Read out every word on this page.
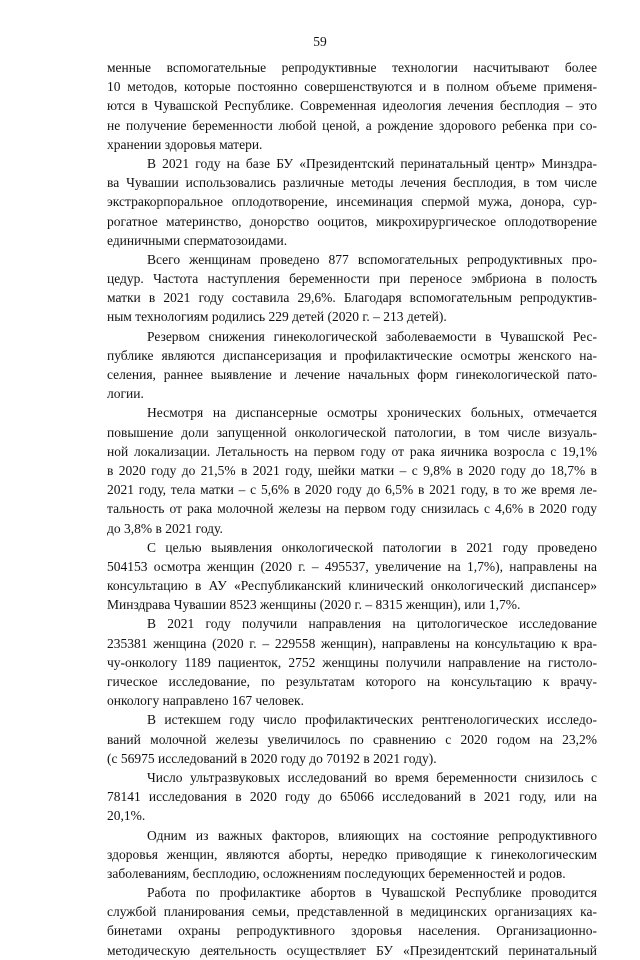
59
менные вспомогательные репродуктивные технологии насчитывают более
10 методов, которые постоянно совершенствуются и в полном объеме применя-
ются в Чувашской Республике. Современная идеология лечения бесплодия – это
не получение беременности любой ценой, а рождение здорового ребенка при со-
хранении здоровья матери.
В 2021 году на базе БУ «Президентский перинатальный центр» Минздра-
ва Чувашии использовались различные методы лечения бесплодия, в том числе
экстракорпоральное оплодотворение, инсеминация спермой мужа, донора, сур-
рогатное материнство, донорство ооцитов, микрохирургическое оплодотворение
единичными сперматозоидами.
Всего женщинам проведено 877 вспомогательных репродуктивных про-
цедур. Частота наступления беременности при переносе эмбриона в полость
матки в 2021 году составила 29,6%. Благодаря вспомогательным репродуктив-
ным технологиям родились 229 детей (2020 г. – 213 детей).
Резервом снижения гинекологической заболеваемости в Чувашской Рес-
публике являются диспансеризация и профилактические осмотры женского на-
селения, раннее выявление и лечение начальных форм гинекологической пато-
логии.
Несмотря на диспансерные осмотры хронических больных, отмечается
повышение доли запущенной онкологической патологии, в том числе визуаль-
ной локализации. Летальность на первом году от рака яичника возросла с 19,1%
в 2020 году до 21,5% в 2021 году, шейки матки – с 9,8% в 2020 году до 18,7% в
2021 году, тела матки – с 5,6% в 2020 году до 6,5% в 2021 году, в то же время ле-
тальность от рака молочной железы на первом году снизилась с 4,6% в 2020 году
до 3,8% в 2021 году.
С целью выявления онкологической патологии в 2021 году проведено
504153 осмотра женщин (2020 г. – 495537, увеличение на 1,7%), направлены на
консультацию в АУ «Республиканский клинический онкологический диспансер»
Минздрава Чувашии 8523 женщины (2020 г. – 8315 женщин), или 1,7%.
В 2021 году получили направления на цитологическое исследование
235381 женщина (2020 г. – 229558 женщин), направлены на консультацию к вра-
чу-онкологу 1189 пациенток, 2752 женщины получили направление на гистоло-
гическое исследование, по результатам которого на консультацию к врачу-
онкологу направлено 167 человек.
В истекшем году число профилактических рентгенологических исследо-
ваний молочной железы увеличилось по сравнению с 2020 годом на 23,2%
(с 56975 исследований в 2020 году до 70192 в 2021 году).
Число ультразвуковых исследований во время беременности снизилось с
78141 исследования в 2020 году до 65066 исследований в 2021 году, или на
20,1%.
Одним из важных факторов, влияющих на состояние репродуктивного
здоровья женщин, являются аборты, нередко приводящие к гинекологическим
заболеваниям, бесплодию, осложнениям последующих беременностей и родов.
Работа по профилактике абортов в Чувашской Республике проводится
службой планирования семьи, представленной в медицинских организациях ка-
бинетами охраны репродуктивного здоровья населения. Организационно-
методическую деятельность осуществляет БУ «Президентский перинатальный
